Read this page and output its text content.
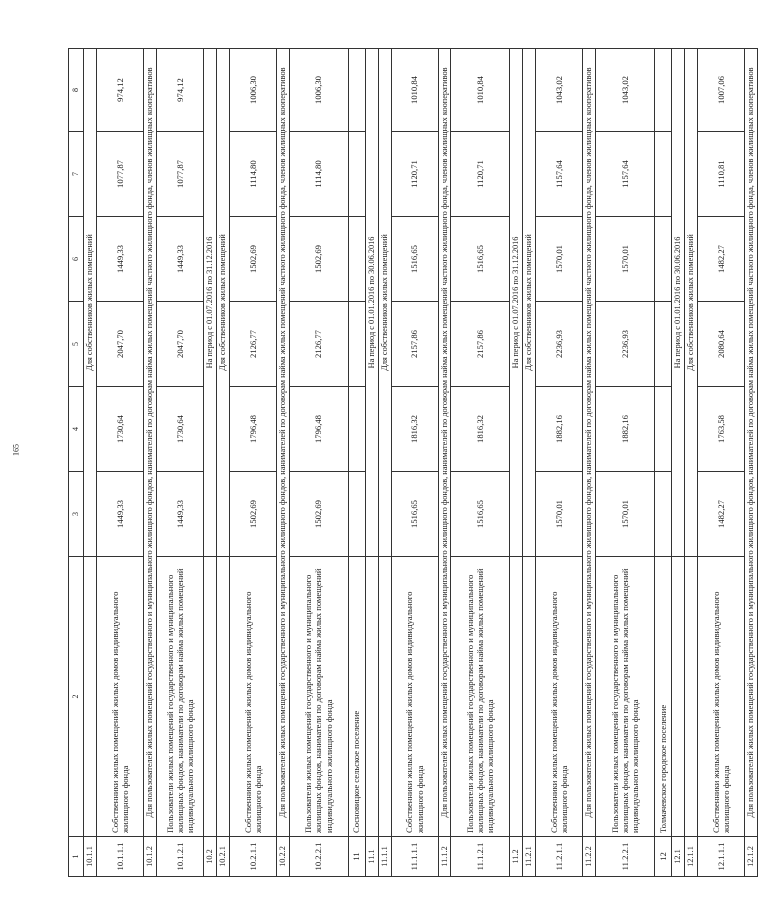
165
1	2	3	4	5	6	7	8
10.1.1		Для собственников жилых помещений					
10.1.1.1	Собственники жилых помещений жилых домов индивидуального жилищного фонда	1449,33	1730,64	2047,70	1449,33	1077,87	974,12
10.1.2	Для пользователей жилых помещений государственного и муниципального жилищного фондов, нанимателей по договорам найма жилых помещений частного жилищного фонда, членов жилищных кооперативов						
10.1.2.1	Пользователи жилых помещений государственного и муниципального жилищных фондов, наниматели по договорам найма жилых помещений индивидуального жилищного фонда	1449,33	1730,64	2047,70	1449,33	1077,87	974,12
10.2		На период с 01.07.2016 по 31.12.2016					
10.2.1		Для собственников жилых помещений					
10.2.1.1	Собственники жилых помещений жилых домов индивидуального жилищного фонда	1502,69	1796,48	2126,77	1502,69	1114,80	1006,30
10.2.2	Для пользователей жилых помещений государственного и муниципального жилищного фондов, нанимателей по договорам найма жилых помещений частного жилищного фонда, членов жилищных кооперативов						
10.2.2.1	Пользователи жилых помещений государственного и муниципального жилищных фондов, наниматели по договорам найма жилых помещений индивидуального жилищного фонда	1502,69	1796,48	2126,77	1502,69	1114,80	1006,30
11	Сосновицкое сельское поселение						
11.1		На период с 01.01.2016 по 30.06.2016					
11.1.1		Для собственников жилых помещений					
11.1.1.1	Собственники жилых помещений жилых домов индивидуального жилищного фонда	1516,65	1816,32	2157,86	1516,65	1120,71	1010,84
11.1.2	Для пользователей жилых помещений государственного и муниципального жилищного фондов, нанимателей по договорам найма жилых помещений частного жилищного фонда, членов жилищных кооперативов						
11.1.2.1	Пользователи жилых помещений государственного и муниципального жилищных фондов, наниматели по договорам найма жилых помещений индивидуального жилищного фонда	1516,65	1816,32	2157,86	1516,65	1120,71	1010,84
11.2		На период с 01.07.2016 по 31.12.2016					
11.2.1		Для собственников жилых помещений					
11.2.1.1	Собственники жилых помещений жилых домов индивидуального жилищного фонда	1570,01	1882,16	2236,93	1570,01	1157,64	1043,02
11.2.2	Для пользователей жилых помещений государственного и муниципального жилищного фондов, нанимателей по договорам найма жилых помещений частного жилищного фонда, членов жилищных кооперативов						
11.2.2.1	Пользователи жилых помещений государственного и муниципального жилищных фондов, наниматели по договорам найма жилых помещений индивидуального жилищного фонда	1570,01	1882,16	2236,93	1570,01	1157,64	1043,02
12	Толмачевское городское поселение						
12.1		На период с 01.01.2016 по 30.06.2016					
12.1.1		Для собственников жилых помещений					
12.1.1.1	Собственники жилых помещений жилых домов индивидуального жилищного фонда	1482,27	1763,58	2080,64	1482,27	1110,81	1007,06
12.1.2	Для пользователей жилых помещений государственного и муниципального жилищного фондов, нанимателей по договорам найма жилых помещений частного жилищного фонда, членов жилищных кооперативов						
